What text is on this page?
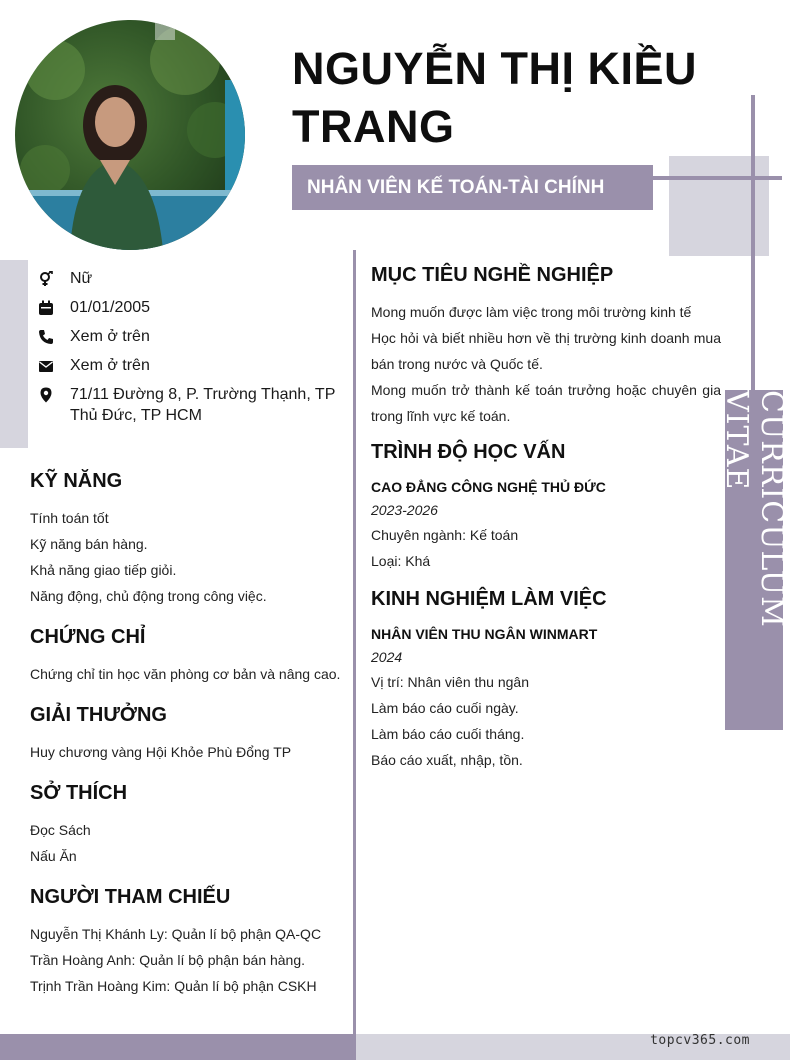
NGUYỄN THỊ KIỀU TRANG
NHÂN VIÊN KẾ TOÁN-TÀI CHÍNH
CURRICULUM VITAE
Nữ
01/01/2005
Xem ở trên
Xem ở trên
71/11 Đường 8, P. Trường Thạnh, TP Thủ Đức, TP HCM
KỸ NĂNG
Tính toán tốt
Kỹ năng bán hàng.
Khả năng giao tiếp giỏi.
Năng động, chủ động trong công việc.
CHỨNG CHỈ
Chứng chỉ tin học văn phòng cơ bản và nâng cao.
GIẢI THƯỞNG
Huy chương vàng Hội Khỏe Phù Đổng TP
SỞ THÍCH
Đọc Sách
Nấu Ăn
NGƯỜI THAM CHIẾU
Nguyễn Thị Khánh Ly: Quản lí bộ phận QA-QC
Trần Hoàng Anh: Quản lí bộ phận bán hàng.
Trịnh Trần Hoàng Kim: Quản lí bộ phận CSKH
MỤC TIÊU NGHỀ NGHIỆP
Mong muốn được làm việc trong môi trường kinh tế
Học hỏi và biết nhiều hơn về thị trường kinh doanh mua bán trong nước và Quốc tế.
Mong muốn trở thành kế toán trưởng hoặc chuyên gia trong lĩnh vực kế toán.
TRÌNH ĐỘ HỌC VẤN
CAO ĐẲNG CÔNG NGHỆ THỦ ĐỨC
2023-2026
Chuyên ngành: Kế toán
Loại: Khá
KINH NGHIỆM LÀM VIỆC
NHÂN VIÊN THU NGÂN WINMART
2024
Vị trí: Nhân viên thu ngân
Làm báo cáo cuối ngày.
Làm báo cáo cuối tháng.
Báo cáo xuất, nhập, tồn.
topcv365.com
